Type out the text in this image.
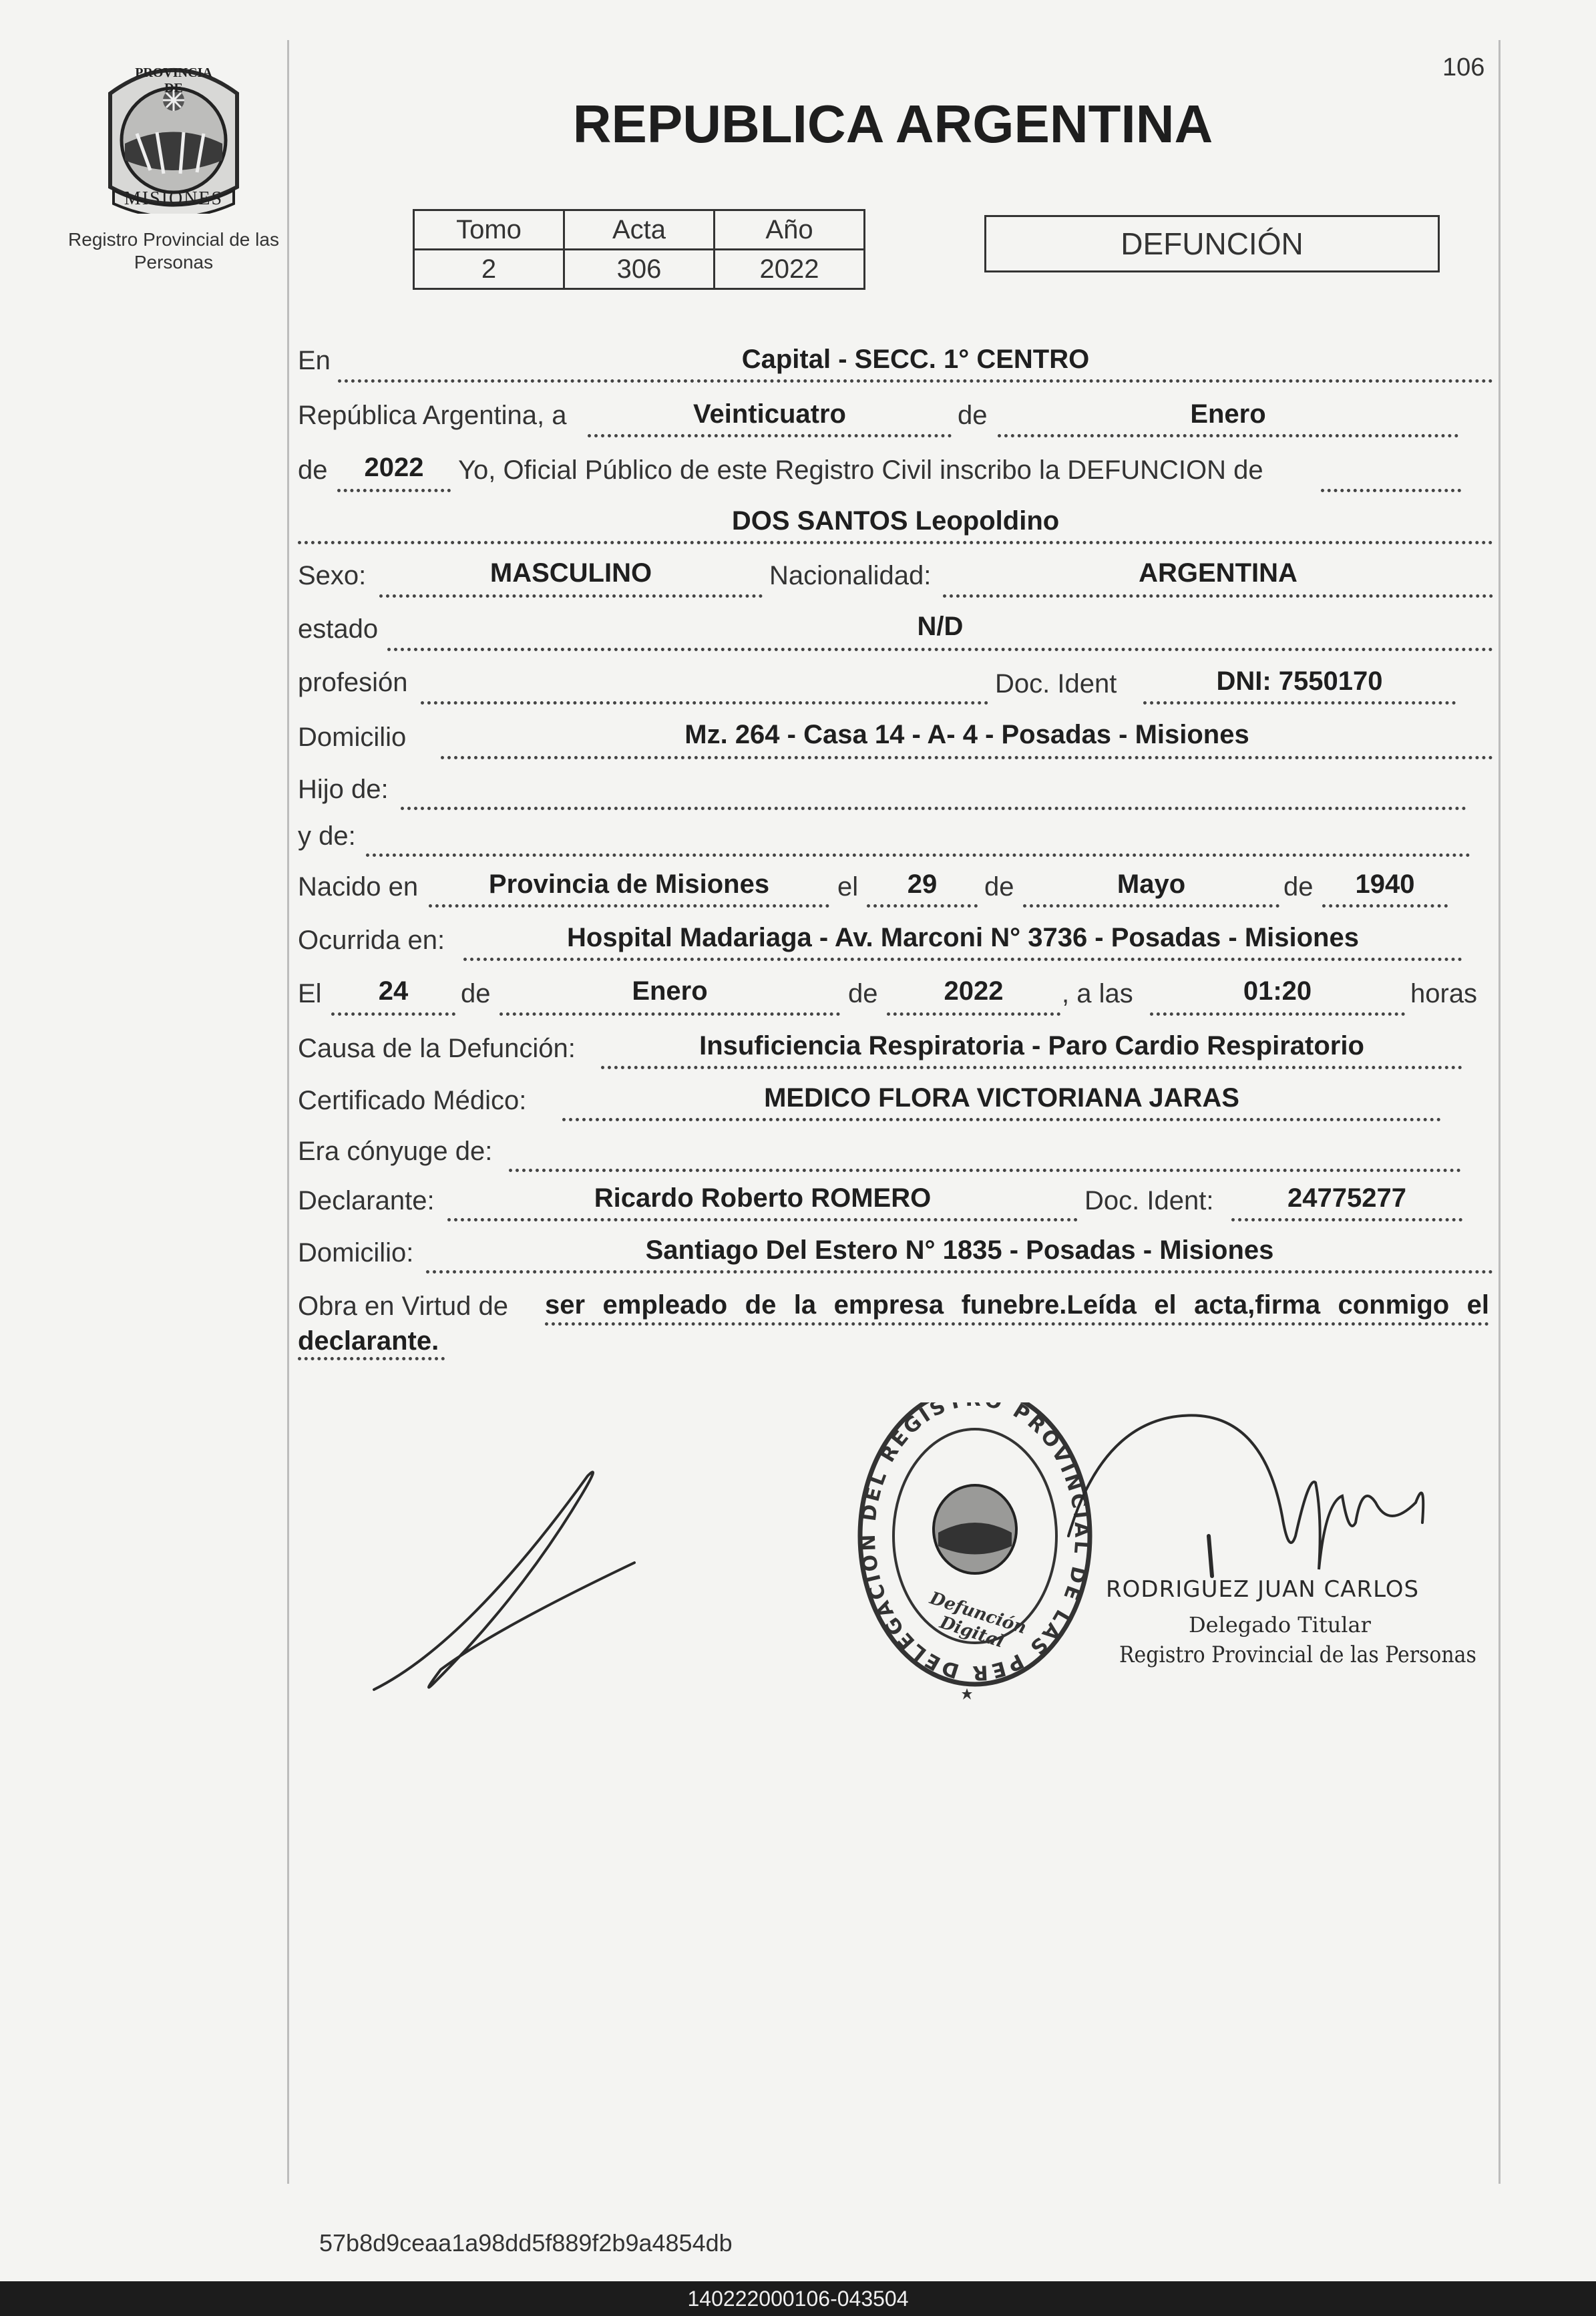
PROVINCIA DE
MISIONES
Registro Provincial de las Personas
106
REPUBLICA ARGENTINA
Tomo	Acta	Año
2	306	2022
DEFUNCIÓN
En	Capital - SECC. 1° CENTRO
República Argentina, a	Veinticuatro	de	Enero
de	2022	Yo, Oficial Público de este Registro Civil inscribo la DEFUNCION de
DOS SANTOS Leopoldino
Sexo:	MASCULINO	Nacionalidad:	ARGENTINA
estado	N/D
profesión	Doc. Ident	DNI: 7550170
Domicilio	Mz. 264 - Casa 14 - A- 4 - Posadas - Misiones
Hijo de:
y de:
Nacido en	Provincia de Misiones	el	29	de	Mayo	de	1940
Ocurrida en:	Hospital Madariaga - Av. Marconi N° 3736 - Posadas - Misiones
El	24	de	Enero	de	2022	, a las	01:20	horas
Causa de la Defunción:	Insuficiencia Respiratoria - Paro Cardio Respiratorio
Certificado Médico:	MEDICO FLORA VICTORIANA JARAS
Era cónyuge de:
Declarante:	Ricardo Roberto ROMERO	Doc. Ident:	24775277
Domicilio:	Santiago Del Estero N° 1835 - Posadas - Misiones
Obra en Virtud de ser empleado de la empresa funebre.Leída el acta,firma conmigo el
declarante.
DELEGACION DEL REGIS PROVINCIAL DE LAS PER
Defunción Digital
RODRIGUEZ JUAN CARLOS
Delegado Titular
Registro Provincial de las Personas
57b8d9ceaa1a98dd5f889f2b9a4854db
140222000106-043504
